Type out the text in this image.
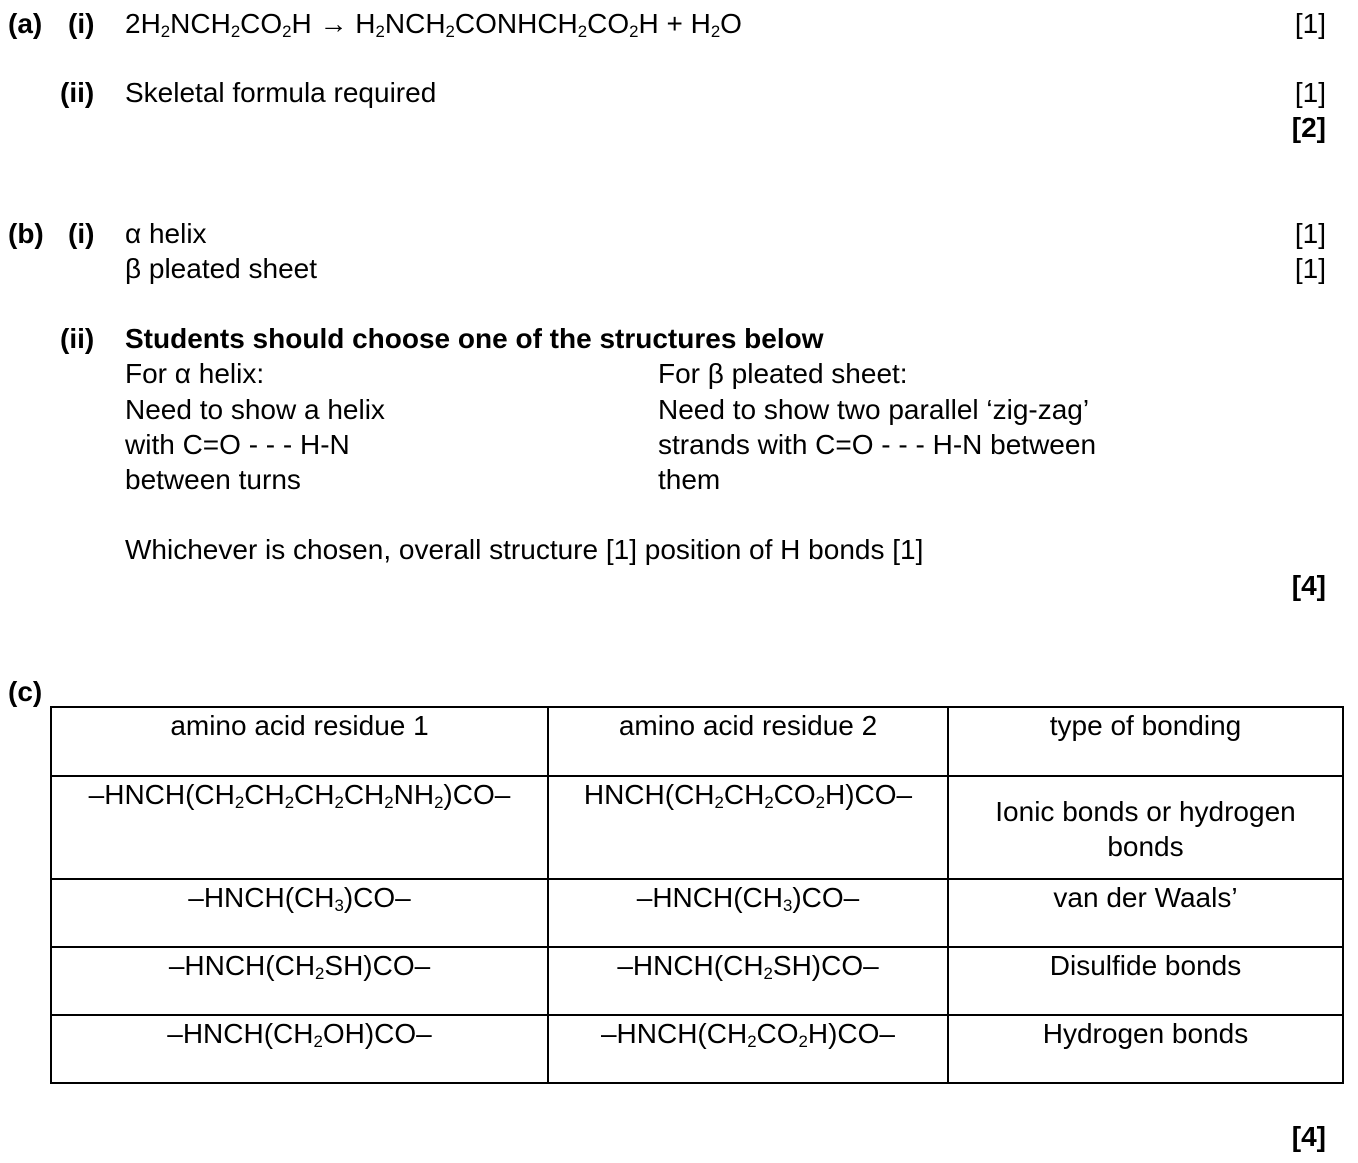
(a) (i) $2H_2NCH_2CO_2H$ → $H_2NCH_2CONHCH_2CO_2H + H_2O$	[1]
(ii) Skeletal formula required	[1]
[2]
(b) (i) α helix	[1]
β pleated sheet	[1]
(ii) Students should choose one of the structures below
For α helix:
Need to show a helix
with C=O - - - H-N
between turns
For β pleated sheet:
Need to show two parallel ‘zig-zag’
strands with C=O - - - H-N between
them
Whichever is chosen, overall structure [1] position of H bonds [1]
[4]
(c)
amino acid residue 1	amino acid residue 2	type of bonding
$-HNCH(CH_2CH_2CH_2CH_2NH_2)CO-$	$HNCH(CH_2CH_2CO_2H)CO-$	Ionic bonds or hydrogen bonds
$-HNCH(CH_3)CO-$	$-HNCH(CH_3)CO-$	van der Waals’
$-HNCH(CH_2SH)CO-$	$-HNCH(CH_2SH)CO-$	Disulfide bonds
$-HNCH(CH_2OH)CO-$	$-HNCH(CH_2CO_2H)CO-$	Hydrogen bonds
[4]
